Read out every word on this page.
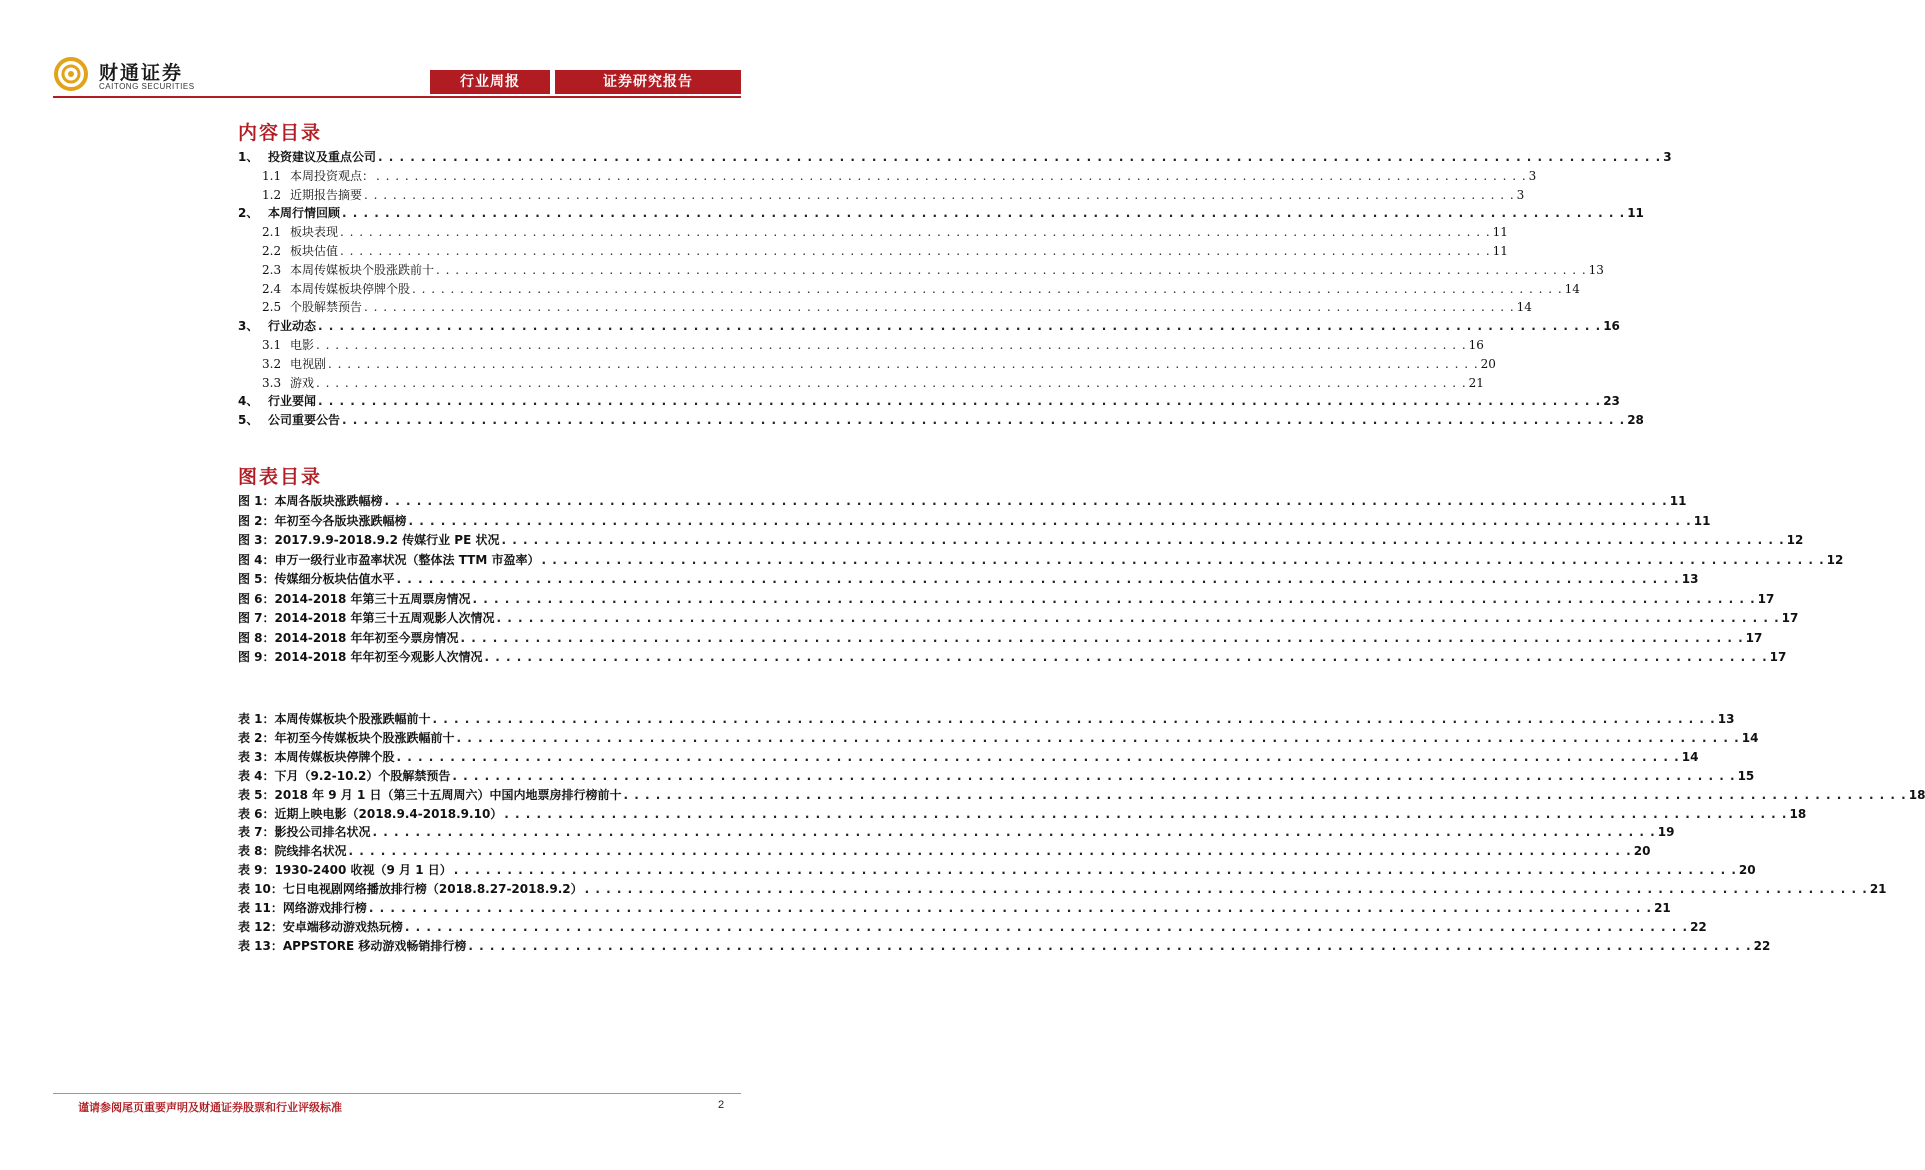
财通证券
CAITONG SECURITIES	行业周报	证券研究报告
内容目录
1、 投资建议及重点公司 . . . . . . . . . . . . . . . . . . . . . . . . . . . . . . . . . . . . . . . . . . . . . . . . . . . . . . . . . . . . . . . . . . . . . . . . . . . . . . . . . . . . . . . . . . . . . . . . . . . . . . . . . . . . . . . . . . . . . . . . 3
1.1 本周投资观点： . . . . . . . . . . . . . . . . . . . . . . . . . . . . . . . . . . . . . . . . . . . . . . . . . . . . . . . . . . . . . . . . . . . . . . . . . . . . . . . . . . . . . . . . . . . . . . . . . . . . . . . . . . . . . . . . . . . . . . . . 3
1.2 近期报告摘要 . . . . . . . . . . . . . . . . . . . . . . . . . . . . . . . . . . . . . . . . . . . . . . . . . . . . . . . . . . . . . . . . . . . . . . . . . . . . . . . . . . . . . . . . . . . . . . . . . . . . . . . . . . . . . . . . . . . . . . . . 3
2、 本周行情回顾 . . . . . . . . . . . . . . . . . . . . . . . . . . . . . . . . . . . . . . . . . . . . . . . . . . . . . . . . . . . . . . . . . . . . . . . . . . . . . . . . . . . . . . . . . . . . . . . . . . . . . . . . . . . . . . . . . . . . . . . . 11
2.1 板块表现 . . . . . . . . . . . . . . . . . . . . . . . . . . . . . . . . . . . . . . . . . . . . . . . . . . . . . . . . . . . . . . . . . . . . . . . . . . . . . . . . . . . . . . . . . . . . . . . . . . . . . . . . . . . . . . . . . . . . . . . . 11
2.2 板块估值 . . . . . . . . . . . . . . . . . . . . . . . . . . . . . . . . . . . . . . . . . . . . . . . . . . . . . . . . . . . . . . . . . . . . . . . . . . . . . . . . . . . . . . . . . . . . . . . . . . . . . . . . . . . . . . . . . . . . . . . . 11
2.3 本周传媒板块个股涨跌前十 . . . . . . . . . . . . . . . . . . . . . . . . . . . . . . . . . . . . . . . . . . . . . . . . . . . . . . . . . . . . . . . . . . . . . . . . . . . . . . . . . . . . . . . . . . . . . . . . . . . . . . . . . . . . . . . . . . . . . . . . 13
2.4 本周传媒板块停牌个股 . . . . . . . . . . . . . . . . . . . . . . . . . . . . . . . . . . . . . . . . . . . . . . . . . . . . . . . . . . . . . . . . . . . . . . . . . . . . . . . . . . . . . . . . . . . . . . . . . . . . . . . . . . . . . . . . . . . . . . . . 14
2.5 个股解禁预告 . . . . . . . . . . . . . . . . . . . . . . . . . . . . . . . . . . . . . . . . . . . . . . . . . . . . . . . . . . . . . . . . . . . . . . . . . . . . . . . . . . . . . . . . . . . . . . . . . . . . . . . . . . . . . . . . . . . . . . . . 14
3、 行业动态 . . . . . . . . . . . . . . . . . . . . . . . . . . . . . . . . . . . . . . . . . . . . . . . . . . . . . . . . . . . . . . . . . . . . . . . . . . . . . . . . . . . . . . . . . . . . . . . . . . . . . . . . . . . . . . . . . . . . . . . . 16
3.1 电影 . . . . . . . . . . . . . . . . . . . . . . . . . . . . . . . . . . . . . . . . . . . . . . . . . . . . . . . . . . . . . . . . . . . . . . . . . . . . . . . . . . . . . . . . . . . . . . . . . . . . . . . . . . . . . . . . . . . . . . . . 16
3.2 电视剧 . . . . . . . . . . . . . . . . . . . . . . . . . . . . . . . . . . . . . . . . . . . . . . . . . . . . . . . . . . . . . . . . . . . . . . . . . . . . . . . . . . . . . . . . . . . . . . . . . . . . . . . . . . . . . . . . . . . . . . . . 20
3.3 游戏 . . . . . . . . . . . . . . . . . . . . . . . . . . . . . . . . . . . . . . . . . . . . . . . . . . . . . . . . . . . . . . . . . . . . . . . . . . . . . . . . . . . . . . . . . . . . . . . . . . . . . . . . . . . . . . . . . . . . . . . . 21
4、 行业要闻 . . . . . . . . . . . . . . . . . . . . . . . . . . . . . . . . . . . . . . . . . . . . . . . . . . . . . . . . . . . . . . . . . . . . . . . . . . . . . . . . . . . . . . . . . . . . . . . . . . . . . . . . . . . . . . . . . . . . . . . . 23
5、 公司重要公告 . . . . . . . . . . . . . . . . . . . . . . . . . . . . . . . . . . . . . . . . . . . . . . . . . . . . . . . . . . . . . . . . . . . . . . . . . . . . . . . . . . . . . . . . . . . . . . . . . . . . . . . . . . . . . . . . . . . . . . . . 28
图表目录
图 1：本周各版块涨跌幅榜 . . . . . . . . . . . . . . . . . . . . . . . . . . . . . . . . . . . . . . . . . . . . . . . . . . . . . . . . . . . . . . . . . . . . . . . . . . . . . . . . . . . . . . . . . . . . . . . . . . . . . . . . . . . . . . . . . . . . . . . . 11
图 2：年初至今各版块涨跌幅榜 . . . . . . . . . . . . . . . . . . . . . . . . . . . . . . . . . . . . . . . . . . . . . . . . . . . . . . . . . . . . . . . . . . . . . . . . . . . . . . . . . . . . . . . . . . . . . . . . . . . . . . . . . . . . . . . . . . . . . . . . 11
图 3：2017.9.9-2018.9.2 传媒行业 PE 状况 . . . . . . . . . . . . . . . . . . . . . . . . . . . . . . . . . . . . . . . . . . . . . . . . . . . . . . . . . . . . . . . . . . . . . . . . . . . . . . . . . . . . . . . . . . . . . . . . . . . . . . . . . . . . . . . . . . . . . . . . 12
图 4：申万一级行业市盈率状况（整体法 TTM 市盈率） . . . . . . . . . . . . . . . . . . . . . . . . . . . . . . . . . . . . . . . . . . . . . . . . . . . . . . . . . . . . . . . . . . . . . . . . . . . . . . . . . . . . . . . . . . . . . . . . . . . . . . . . . . . . . . . . . . . . . . . . 12
图 5：传媒细分板块估值水平 . . . . . . . . . . . . . . . . . . . . . . . . . . . . . . . . . . . . . . . . . . . . . . . . . . . . . . . . . . . . . . . . . . . . . . . . . . . . . . . . . . . . . . . . . . . . . . . . . . . . . . . . . . . . . . . . . . . . . . . . 13
图 6：2014-2018 年第三十五周票房情况 . . . . . . . . . . . . . . . . . . . . . . . . . . . . . . . . . . . . . . . . . . . . . . . . . . . . . . . . . . . . . . . . . . . . . . . . . . . . . . . . . . . . . . . . . . . . . . . . . . . . . . . . . . . . . . . . . . . . . . . . 17
图 7：2014-2018 年第三十五周观影人次情况 . . . . . . . . . . . . . . . . . . . . . . . . . . . . . . . . . . . . . . . . . . . . . . . . . . . . . . . . . . . . . . . . . . . . . . . . . . . . . . . . . . . . . . . . . . . . . . . . . . . . . . . . . . . . . . . . . . . . . . . . 17
图 8：2014-2018 年年初至今票房情况 . . . . . . . . . . . . . . . . . . . . . . . . . . . . . . . . . . . . . . . . . . . . . . . . . . . . . . . . . . . . . . . . . . . . . . . . . . . . . . . . . . . . . . . . . . . . . . . . . . . . . . . . . . . . . . . . . . . . . . . . 17
图 9：2014-2018 年年初至今观影人次情况 . . . . . . . . . . . . . . . . . . . . . . . . . . . . . . . . . . . . . . . . . . . . . . . . . . . . . . . . . . . . . . . . . . . . . . . . . . . . . . . . . . . . . . . . . . . . . . . . . . . . . . . . . . . . . . . . . . . . . . . . 17
表 1：本周传媒板块个股涨跌幅前十 . . . . . . . . . . . . . . . . . . . . . . . . . . . . . . . . . . . . . . . . . . . . . . . . . . . . . . . . . . . . . . . . . . . . . . . . . . . . . . . . . . . . . . . . . . . . . . . . . . . . . . . . . . . . . . . . . . . . . . . . 13
表 2：年初至今传媒板块个股涨跌幅前十 . . . . . . . . . . . . . . . . . . . . . . . . . . . . . . . . . . . . . . . . . . . . . . . . . . . . . . . . . . . . . . . . . . . . . . . . . . . . . . . . . . . . . . . . . . . . . . . . . . . . . . . . . . . . . . . . . . . . . . . . 14
表 3：本周传媒板块停牌个股 . . . . . . . . . . . . . . . . . . . . . . . . . . . . . . . . . . . . . . . . . . . . . . . . . . . . . . . . . . . . . . . . . . . . . . . . . . . . . . . . . . . . . . . . . . . . . . . . . . . . . . . . . . . . . . . . . . . . . . . . 14
表 4：下月（9.2-10.2）个股解禁预告 . . . . . . . . . . . . . . . . . . . . . . . . . . . . . . . . . . . . . . . . . . . . . . . . . . . . . . . . . . . . . . . . . . . . . . . . . . . . . . . . . . . . . . . . . . . . . . . . . . . . . . . . . . . . . . . . . . . . . . . . 15
表 5：2018 年 9 月 1 日（第三十五周周六）中国内地票房排行榜前十 . . . . . . . . . . . . . . . . . . . . . . . . . . . . . . . . . . . . . . . . . . . . . . . . . . . . . . . . . . . . . . . . . . . . . . . . . . . . . . . . . . . . . . . . . . . . . . . . . . . . . . . . . . . . . . . . . . . . . . . . 18
表 6：近期上映电影（2018.9.4-2018.9.10） . . . . . . . . . . . . . . . . . . . . . . . . . . . . . . . . . . . . . . . . . . . . . . . . . . . . . . . . . . . . . . . . . . . . . . . . . . . . . . . . . . . . . . . . . . . . . . . . . . . . . . . . . . . . . . . . . . . . . . . . 18
表 7：影投公司排名状况 . . . . . . . . . . . . . . . . . . . . . . . . . . . . . . . . . . . . . . . . . . . . . . . . . . . . . . . . . . . . . . . . . . . . . . . . . . . . . . . . . . . . . . . . . . . . . . . . . . . . . . . . . . . . . . . . . . . . . . . . 19
表 8：院线排名状况 . . . . . . . . . . . . . . . . . . . . . . . . . . . . . . . . . . . . . . . . . . . . . . . . . . . . . . . . . . . . . . . . . . . . . . . . . . . . . . . . . . . . . . . . . . . . . . . . . . . . . . . . . . . . . . . . . . . . . . . . 20
表 9：1930-2400 收视（9 月 1 日） . . . . . . . . . . . . . . . . . . . . . . . . . . . . . . . . . . . . . . . . . . . . . . . . . . . . . . . . . . . . . . . . . . . . . . . . . . . . . . . . . . . . . . . . . . . . . . . . . . . . . . . . . . . . . . . . . . . . . . . . 20
表 10：七日电视剧网络播放排行榜（2018.8.27-2018.9.2） . . . . . . . . . . . . . . . . . . . . . . . . . . . . . . . . . . . . . . . . . . . . . . . . . . . . . . . . . . . . . . . . . . . . . . . . . . . . . . . . . . . . . . . . . . . . . . . . . . . . . . . . . . . . . . . . . . . . . . . . 21
表 11：网络游戏排行榜 . . . . . . . . . . . . . . . . . . . . . . . . . . . . . . . . . . . . . . . . . . . . . . . . . . . . . . . . . . . . . . . . . . . . . . . . . . . . . . . . . . . . . . . . . . . . . . . . . . . . . . . . . . . . . . . . . . . . . . . . 21
表 12：安卓端移动游戏热玩榜 . . . . . . . . . . . . . . . . . . . . . . . . . . . . . . . . . . . . . . . . . . . . . . . . . . . . . . . . . . . . . . . . . . . . . . . . . . . . . . . . . . . . . . . . . . . . . . . . . . . . . . . . . . . . . . . . . . . . . . . . 22
表 13：APPSTORE 移动游戏畅销排行榜 . . . . . . . . . . . . . . . . . . . . . . . . . . . . . . . . . . . . . . . . . . . . . . . . . . . . . . . . . . . . . . . . . . . . . . . . . . . . . . . . . . . . . . . . . . . . . . . . . . . . . . . . . . . . . . . . . . . . . . . . 22
谨请参阅尾页重要声明及财通证券股票和行业评级标准	2
